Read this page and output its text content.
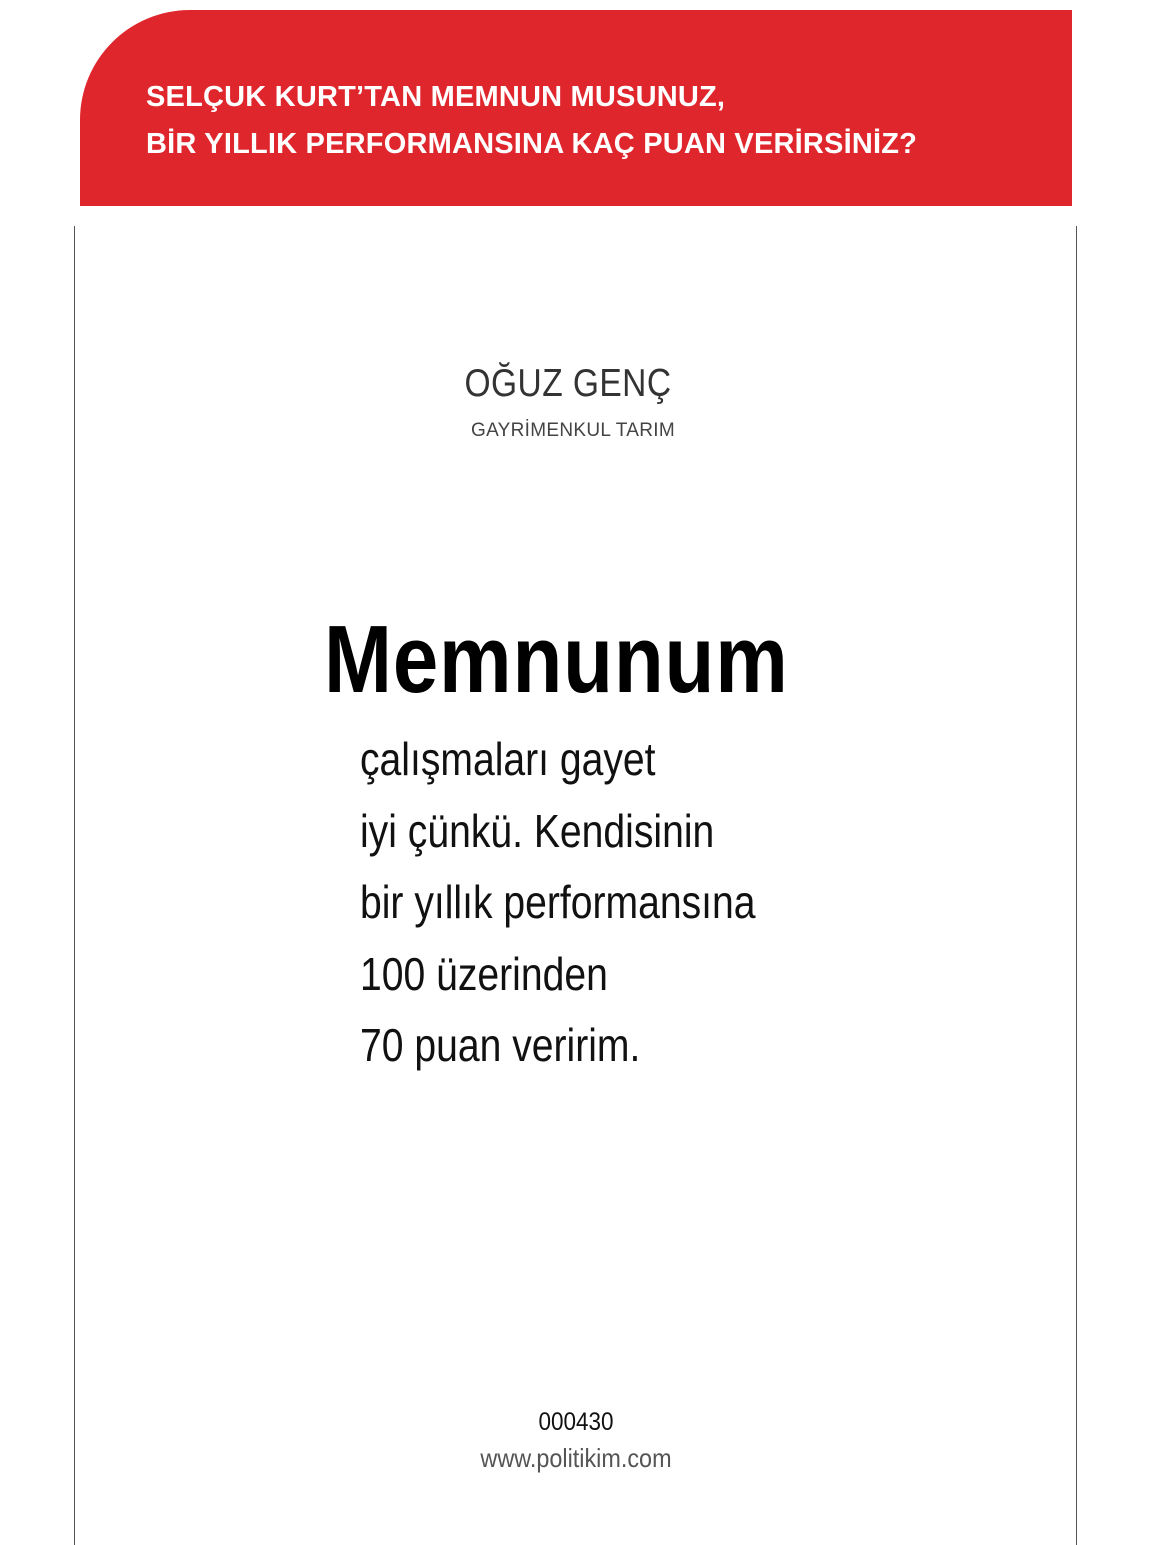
SELÇUK KURT’TAN MEMNUN MUSUNUZ,
BİR YILLIK PERFORMANSINA KAÇ PUAN VERİRSİNİZ?
OĞUZ GENÇ
GAYRİMENKUL TARIM
Memnunum
çalışmaları gayet
iyi çünkü. Kendisinin
bir yıllık performansına
100 üzerinden
70 puan veririm.
000430
www.politikim.com
